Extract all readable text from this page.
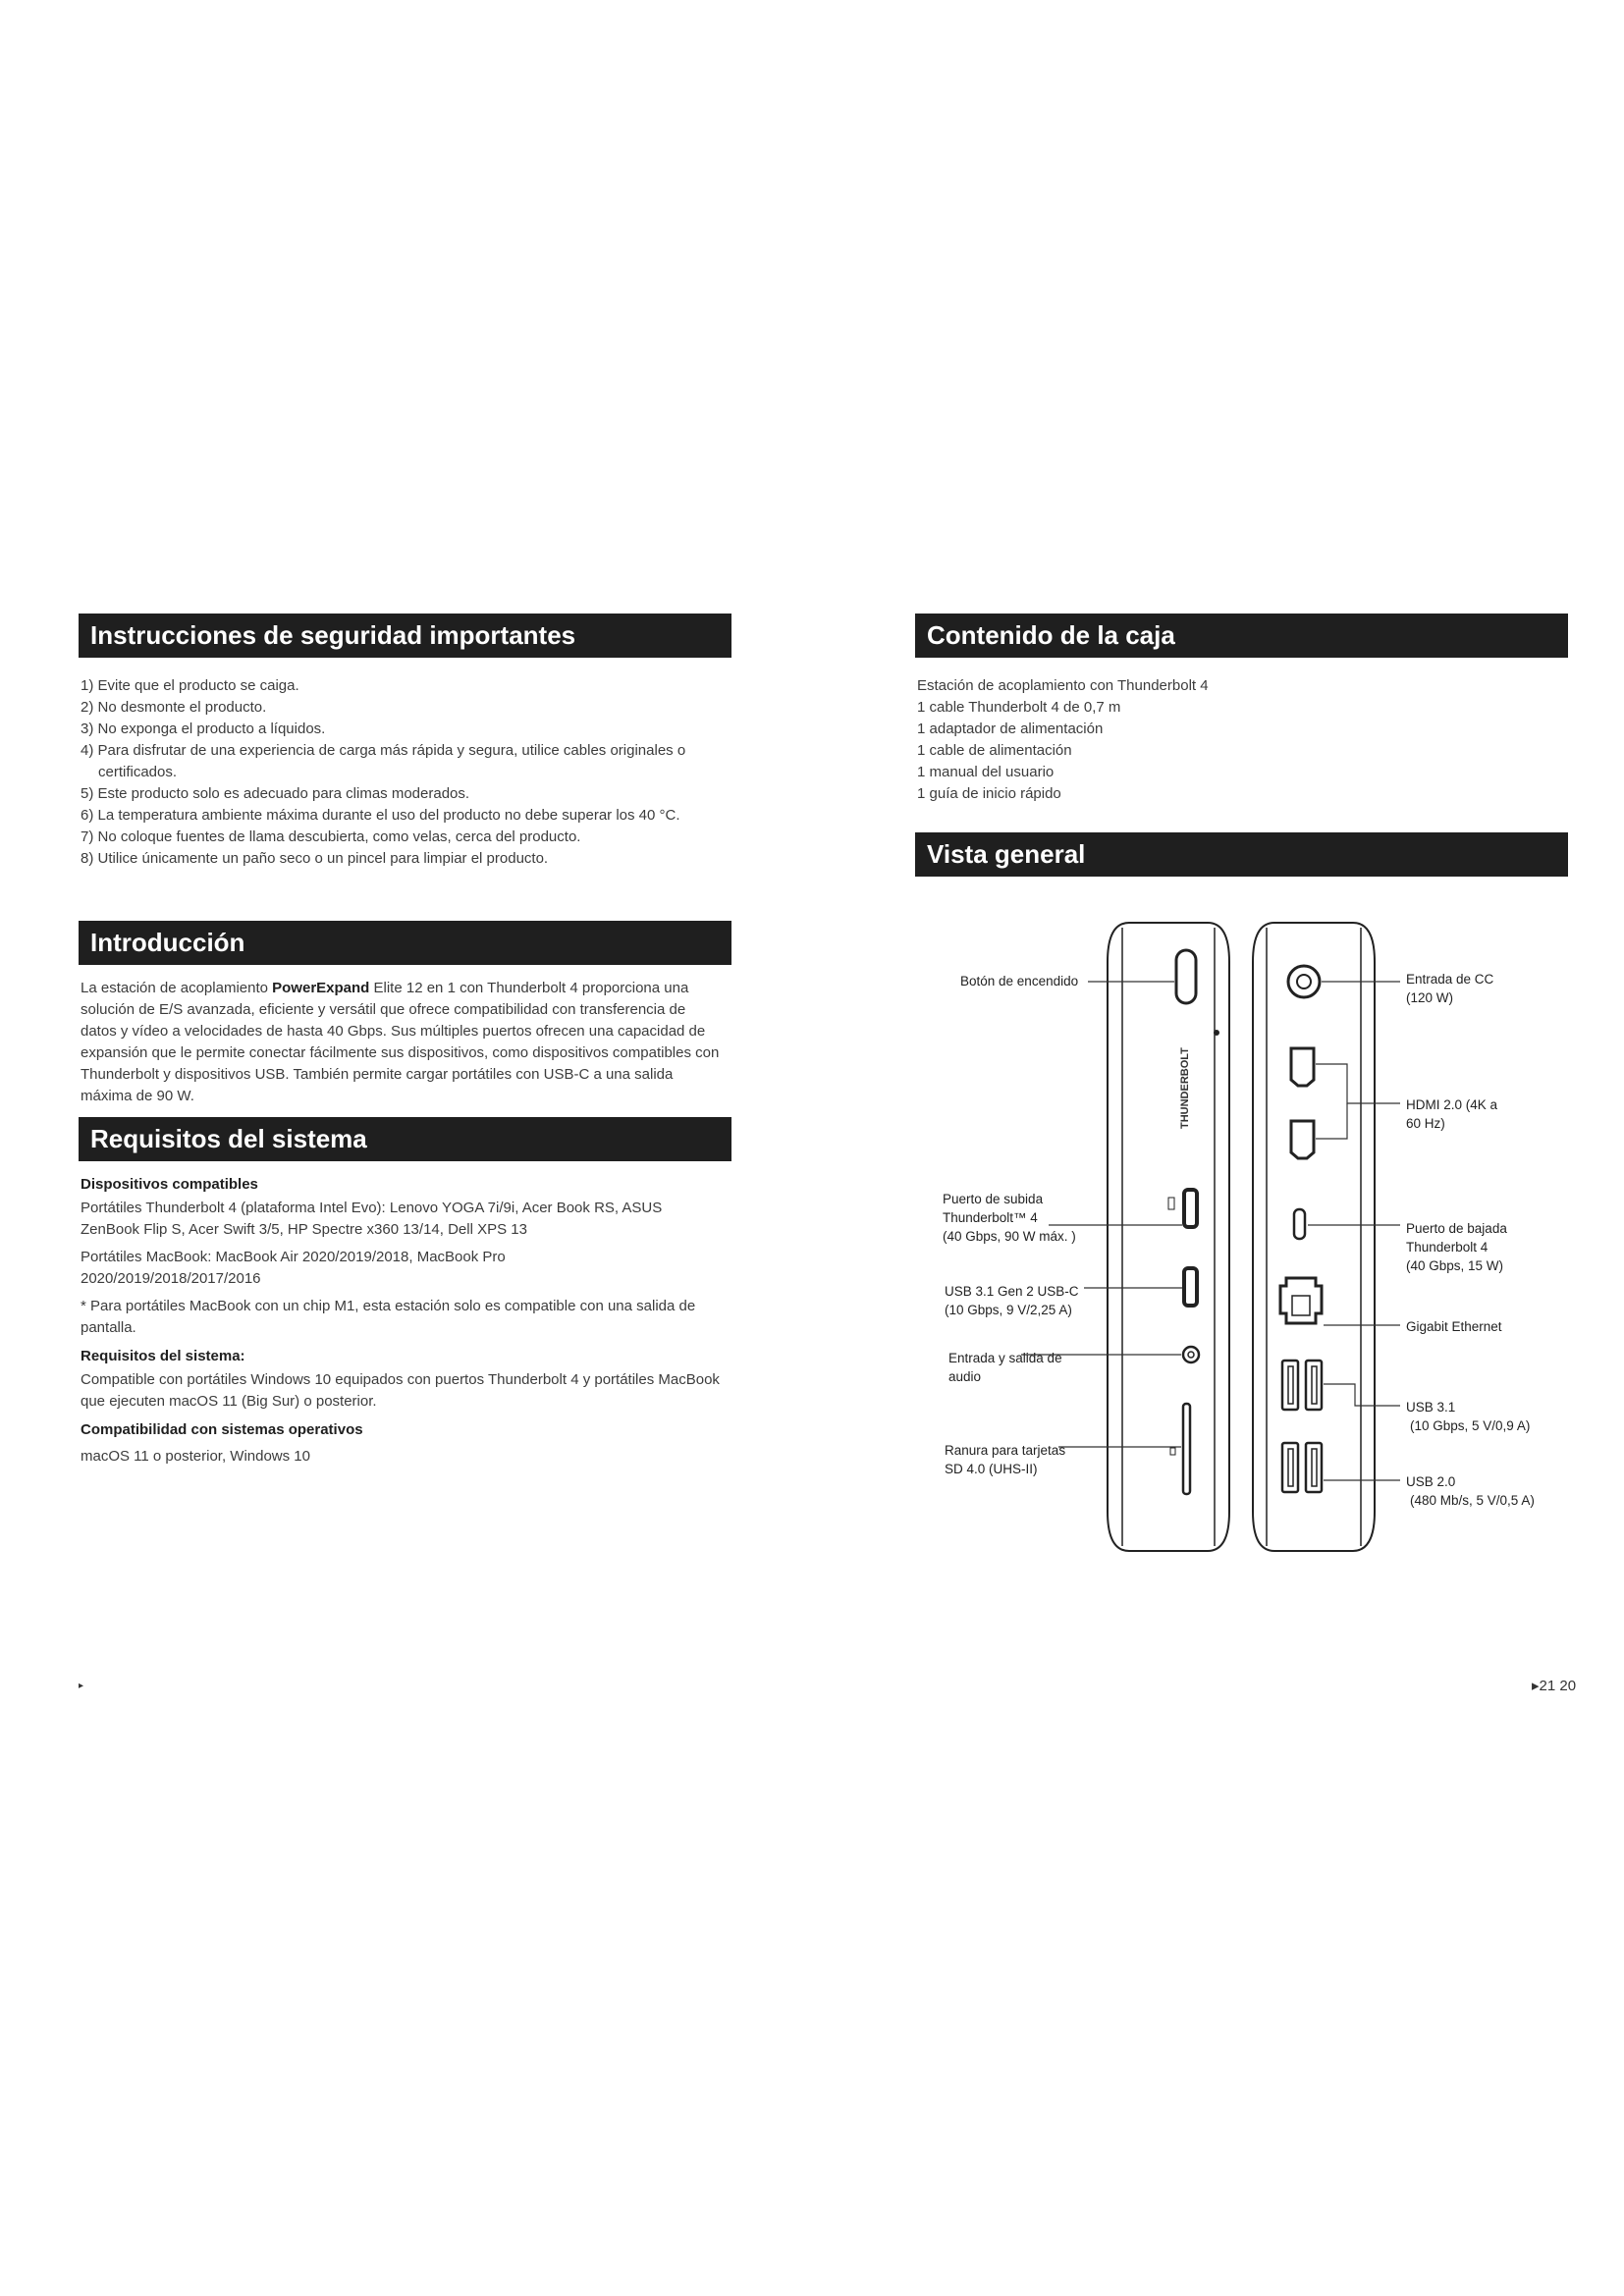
Instrucciones de seguridad importantes
1) Evite que el producto se caiga.
2) No desmonte el producto.
3) No exponga el producto a líquidos.
4) Para disfrutar de una experiencia de carga más rápida y segura, utilice cables originales o certificados.
5) Este producto solo es adecuado para climas moderados.
6) La temperatura ambiente máxima durante el uso del producto no debe superar los 40 °C.
7) No coloque fuentes de llama descubierta, como velas, cerca del producto.
8) Utilice únicamente un paño seco o un pincel para limpiar el producto.
Introducción

La estación de acoplamiento PowerExpand Elite 12 en 1 con Thunderbolt 4 proporciona una solución de E/S avanzada, eficiente y versátil que ofrece compatibilidad con transferencia de datos y vídeo a velocidades de hasta 40 Gbps. Sus múltiples puertos ofrecen una capacidad de expansión que le permite conectar fácilmente sus dispositivos, como dispositivos compatibles con Thunderbolt y dispositivos USB. También permite cargar portátiles con USB-C a una salida máxima de 90 W.

Requisitos del sistema

Dispositivos compatibles

Portátiles Thunderbolt 4 (plataforma Intel Evo): Lenovo YOGA 7i/9i, Acer Book RS, ASUS ZenBook Flip S, Acer Swift 3/5, HP Spectre x360 13/14, Dell XPS 13

Portátiles MacBook: MacBook Air 2020/2019/2018, MacBook Pro 2020/2019/2018/2017/2016

* Para portátiles MacBook con un chip M1, esta estación solo es compatible con una salida de pantalla.

Requisitos del sistema:

Compatible con portátiles Windows 10 equipados con puertos Thunderbolt 4 y portátiles MacBook que ejecuten macOS 11 (Big Sur) o posterior.

Compatibilidad con sistemas operativos

macOS 11 o posterior, Windows 10

Contenido de la caja
Estación de acoplamiento con Thunderbolt 4
1 cable Thunderbolt 4 de 0,7 m
1 adaptador de alimentación
1 cable de alimentación
1 manual del usuario
1 guía de inicio rápido
Vista general
THUNDERBOLT
Botón de encendido
Puerto de subida
Thunderbolt™ 4
(40 Gbps, 90 W máx. )
USB 3.1 Gen 2 USB-C
(10 Gbps, 9 V/2,25 A)
Entrada y salida de
audio
Ranura para tarjetas
SD 4.0 (UHS-II)
Entrada de CC
(120 W)
HDMI 2.0 (4K a
60 Hz)
Puerto de bajada
Thunderbolt 4
(40 Gbps, 15 W)
Gigabit Ethernet
USB 3.1
(10 Gbps, 5 V/0,9 A)
USB 2.0
(480 Mb/s, 5 V/0,5 A)
▸	▸21 20
